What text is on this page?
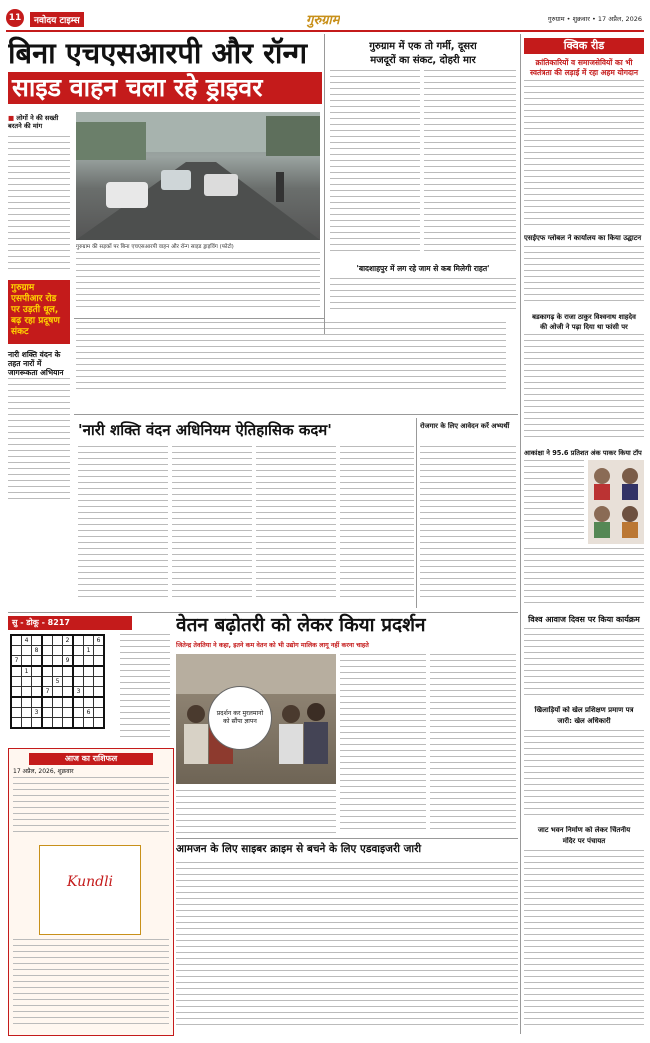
11	नवोदय टाइम्स	गुरुग्राम	गुरुग्राम • शुक्रवार • 17 अप्रैल, 2026
बिना एचएसआरपी और रॉन्ग
साइड वाहन चला रहे ड्राइवर
■ लोगों ने की सख्ती बरतने की मांग
गुरुग्राम की सड़कों पर बिना एचएसआरपी वाहन और रॉन्ग साइड ड्राइविंग (फोटो)
गुरुग्राम एसपीआर रोड पर उड़ती धूल, बढ़ रहा प्रदूषण संकट
नारी शक्ति वंदन के तहत नारों में जागरूकता अभियान
गुरुग्राम में एक तो गर्मी, दूसरा
मजदूरों का संकट, दोहरी मार
'बादशाहपुर में लग रहे जाम से कब मिलेगी राहत'
क्विक रीड
क्रांतिकारियों व समाजसेवियों का भी
स्वतंत्रता की लड़ाई में रहा अहम योगदान
एसईएफ ग्लोबल ने कार्यालय का किया उद्घाटन
बडकागढ़ के राजा ठाकुर विश्वनाथ शाहदेव
की ओजी ने पढ़ा दिया था फांसी पर
आकांक्षा ने 95.6 प्रतिशत अंक पाकर किया टॉप
विश्व आवाज दिवस पर किया कार्यक्रम
खिलाड़ियों को खेल प्रशिक्षण प्रमाण पत्र
जारी: खेल अधिकारी
जाट भवन निर्माण को लेकर चिंतनीय
मंदिर पर पंचायत
'नारी शक्ति वंदन अधिनियम ऐतिहासिक कदम'	रोजगार के लिए आवेदन करें अभ्यर्थी
सु - डोकू - 8217
	4				2			6
		8					1	
7					9			
	1							
				5				
			7			3		

		3					6	

वेतन बढ़ोतरी को लेकर किया प्रदर्शन
जितेन्द्र तेवतिया ने कहा, इतने कम वेतन को भी उद्योग मालिक लागू नहीं करना चाहते
प्रदर्शन कर मुरलमानो को सौंपा ज्ञापन
आज का राशिफल
17 अप्रैल, 2026, शुक्रवार
Kundli
आमजन के लिए साइबर क्राइम से बचने के लिए एडवाइजरी जारी
